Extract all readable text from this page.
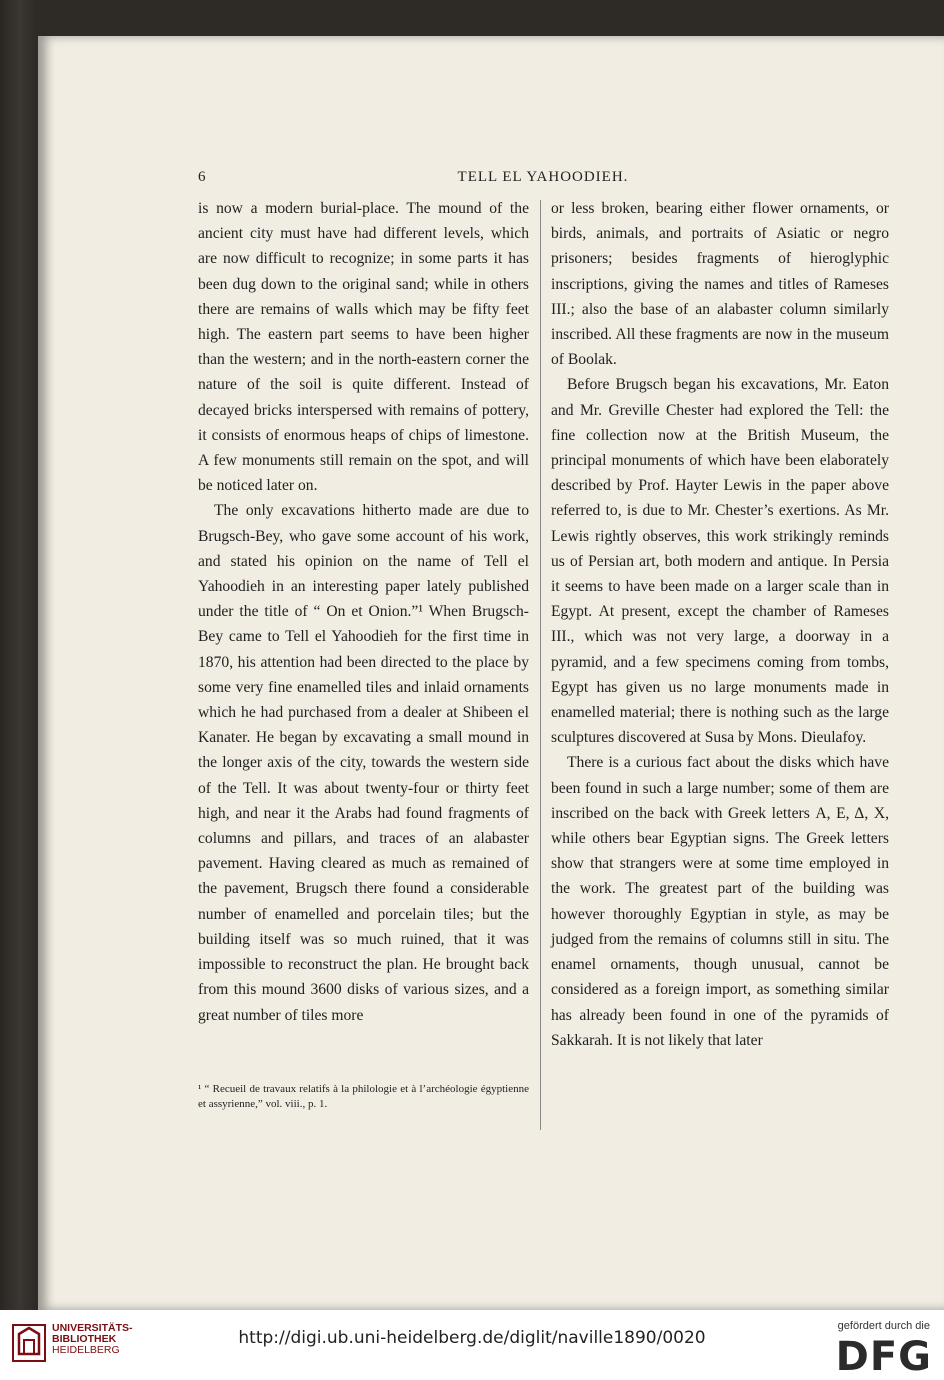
6	TELL EL YAHOODIEH.

is now a modern burial-place. The mound of the ancient city must have had different levels, which are now difficult to recognize; in some parts it has been dug down to the original sand; while in others there are remains of walls which may be fifty feet high. The eastern part seems to have been higher than the western; and in the north-eastern corner the nature of the soil is quite different. Instead of decayed bricks interspersed with remains of pottery, it consists of enormous heaps of chips of limestone. A few monuments still remain on the spot, and will be noticed later on.

The only excavations hitherto made are due to Brugsch-Bey, who gave some account of his work, and stated his opinion on the name of Tell el Yahoodieh in an interesting paper lately published under the title of “ On et Onion.”¹ When Brugsch-Bey came to Tell el Yahoodieh for the first time in 1870, his attention had been directed to the place by some very fine enamelled tiles and inlaid ornaments which he had purchased from a dealer at Shibeen el Kanater. He began by excavating a small mound in the longer axis of the city, towards the western side of the Tell. It was about twenty-four or thirty feet high, and near it the Arabs had found fragments of columns and pillars, and traces of an alabaster pavement. Having cleared as much as remained of the pavement, Brugsch there found a considerable number of enamelled and porcelain tiles; but the building itself was so much ruined, that it was impossible to reconstruct the plan. He brought back from this mound 3600 disks of various sizes, and a great number of tiles more

¹ “ Recueil de travaux relatifs à la philologie et à l’archéologie égyptienne et assyrienne,” vol. viii., p. 1.

or less broken, bearing either flower ornaments, or birds, animals, and portraits of Asiatic or negro prisoners; besides fragments of hieroglyphic inscriptions, giving the names and titles of Rameses III.; also the base of an alabaster column similarly inscribed. All these fragments are now in the museum of Boolak.

Before Brugsch began his excavations, Mr. Eaton and Mr. Greville Chester had explored the Tell: the fine collection now at the British Museum, the principal monuments of which have been elaborately described by Prof. Hayter Lewis in the paper above referred to, is due to Mr. Chester’s exertions. As Mr. Lewis rightly observes, this work strikingly reminds us of Persian art, both modern and antique. In Persia it seems to have been made on a larger scale than in Egypt. At present, except the chamber of Rameses III., which was not very large, a doorway in a pyramid, and a few specimens coming from tombs, Egypt has given us no large monuments made in enamelled material; there is nothing such as the large sculptures discovered at Susa by Mons. Dieulafoy.

There is a curious fact about the disks which have been found in such a large number; some of them are inscribed on the back with Greek letters Α, Ε, Δ, Χ, while others bear Egyptian signs. The Greek letters show that strangers were at some time employed in the work. The greatest part of the building was however thoroughly Egyptian in style, as may be judged from the remains of columns still in situ. The enamel ornaments, though unusual, cannot be considered as a foreign import, as something similar has already been found in one of the pyramids of Sakkarah. It is not likely that later

UNIVERSITÄTS-
BIBLIOTHEK
HEIDELBERG
http://digi.ub.uni-heidelberg.de/diglit/naville1890/0020
gefördert durch die
DFG
